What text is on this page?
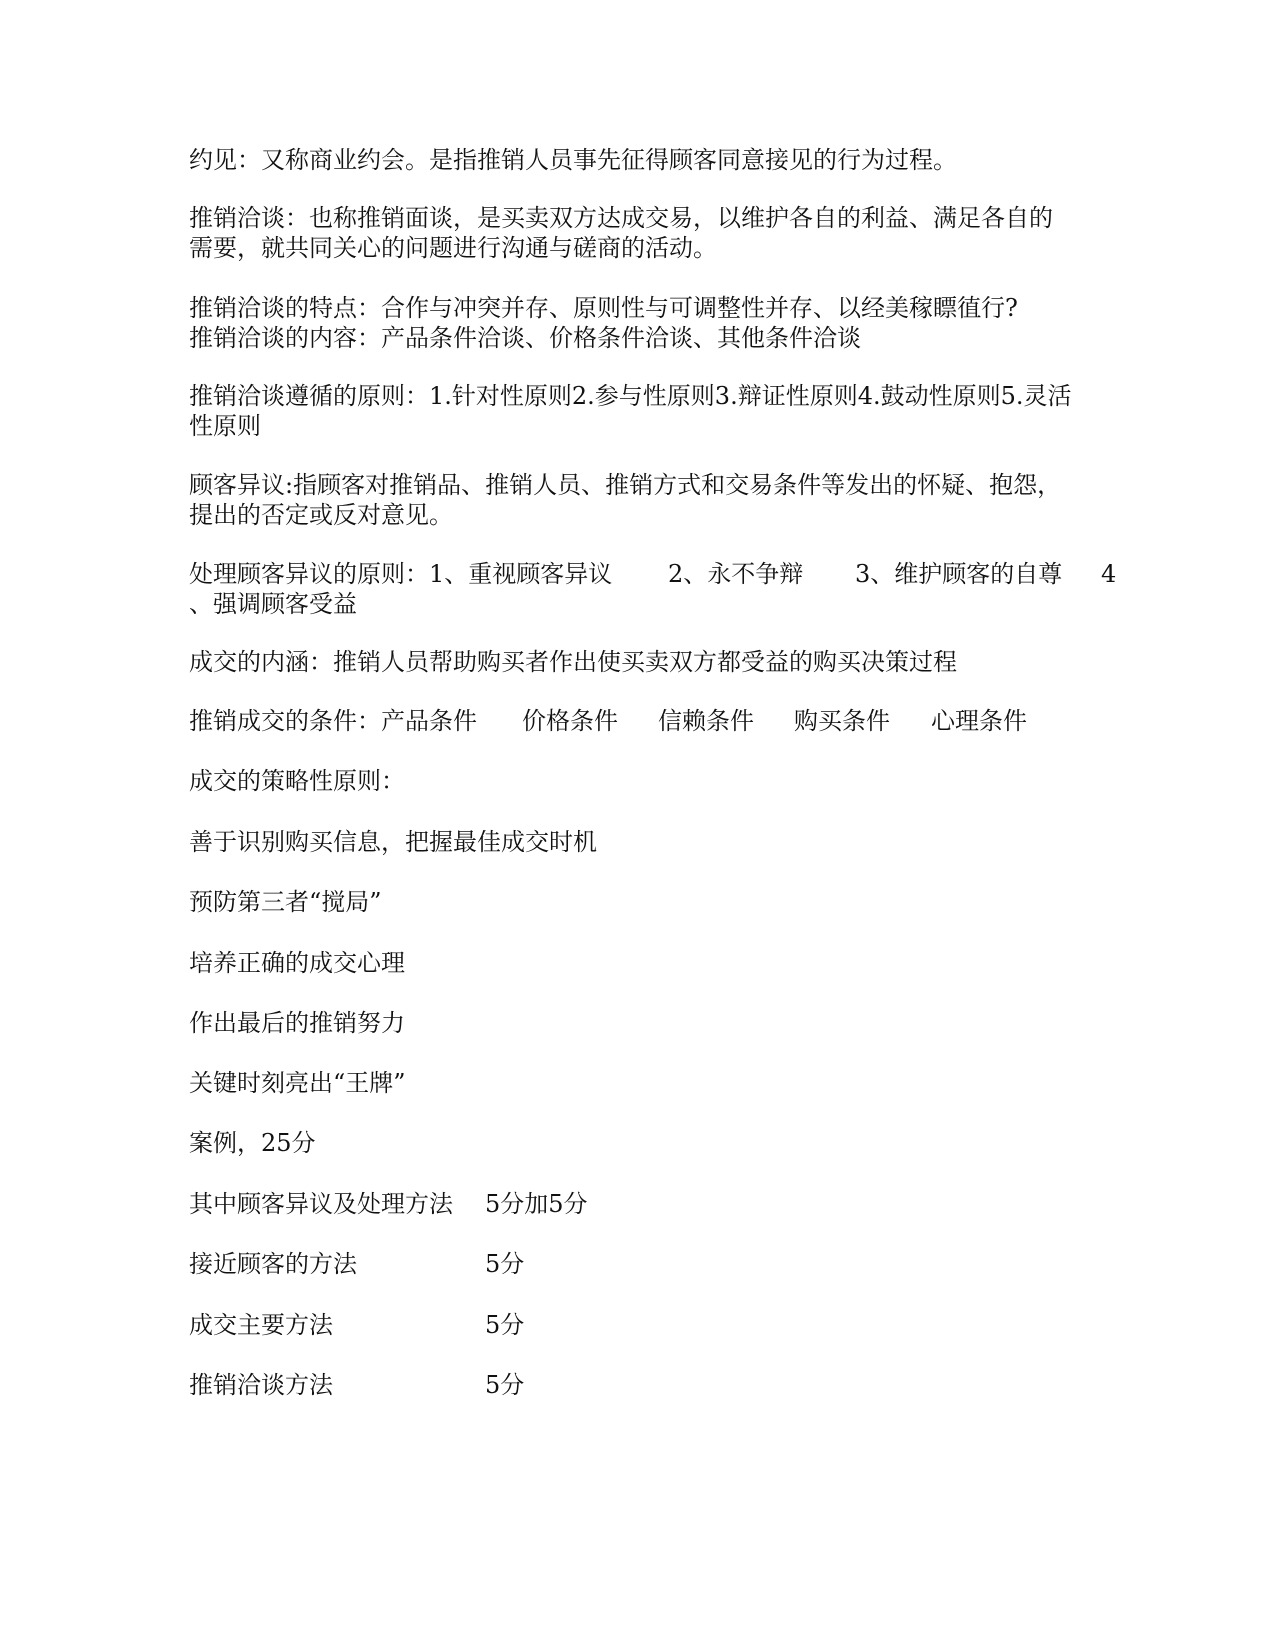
约见：又称商业约会。是指推销人员事先征得顾客同意接见的行为过程。
推销洽谈：也称推销面谈，是买卖双方达成交易，以维护各自的利益、满足各自的
需要，就共同关心的问题进行沟通与磋商的活动。
推销洽谈的特点：合作与冲突并存、原则性与可调整性并存、以经美稼瞟徝行?
推销洽谈的内容：产品条件洽谈、价格条件洽谈、其他条件洽谈
推销洽谈遵循的原则：1.针对性原则2.参与性原则3.辩证性原则4.鼓动性原则5.灵活
性原则
顾客异议:指顾客对推销品、推销人员、推销方式和交易条件等发出的怀疑、抱怨，
提出的否定或反对意见。
处理顾客异议的原则：1、重视顾客异议 2、永不争辩 3、维护顾客的自尊 4
、强调顾客受益
成交的内涵：推销人员帮助购买者作出使买卖双方都受益的购买决策过程
推销成交的条件：产品条件 价格条件 信赖条件 购买条件 心理条件
成交的策略性原则：
善于识别购买信息，把握最佳成交时机
预防第三者“搅局”
培养正确的成交心理
作出最后的推销努力
关键时刻亮出“王牌”
案例，25分
其中顾客异议及处理方法 5分加5分
接近顾客的方法	5分
成交主要方法	5分
推销洽谈方法	5分
